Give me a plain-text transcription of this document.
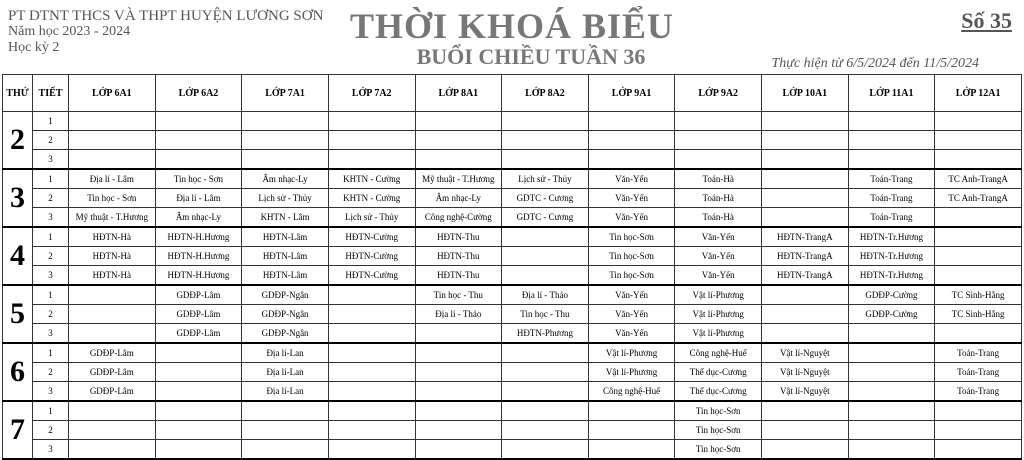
PT DTNT THCS VÀ THPT HUYỆN LƯƠNG SƠN
Năm học 2023 - 2024
Học kỳ 2
THỜI KHOÁ BIỂU
BUỔI CHIỀU TUẦN 36
Số 35
Thực hiện từ 6/5/2024 đến 11/5/2024
THỨ	TIẾT	LỚP 6A1	LỚP 6A2	LỚP 7A1	LỚP 7A2	LỚP 8A1	LỚP 8A2	LỚP 9A1	LỚP 9A2	LỚP 10A1	LỚP 11A1	LỚP 12A1
2	1											
	2											
	3											
3	1	Địa lí - Lâm	Tin học - Sơn	Âm nhạc-Ly	KHTN - Cường	Mỹ thuật - T.Hương	Lịch sử - Thủy	Văn-Yến	Toán-Hà		Toán-Trang	TC Anh-TrangA
	2	Tin học - Sơn	Địa lí - Lâm	Lịch sử - Thủy	KHTN - Cường	Âm nhạc-Ly	GDTC - Cương	Văn-Yến	Toán-Hà		Toán-Trang	TC Anh-TrangA
	3	Mỹ thuật - T.Hương	Âm nhạc-Ly	KHTN - Lâm	Lịch sử - Thủy	Công nghệ-Cường	GDTC - Cương	Văn-Yến	Toán-Hà		Toán-Trang	
4	1	HĐTN-Hà	HĐTN-H.Hương	HĐTN-Lâm	HĐTN-Cường	HĐTN-Thu		Tin học-Sơn	Văn-Yến	HĐTN-TrangA	HĐTN-Tr.Hương	
	2	HĐTN-Hà	HĐTN-H.Hương	HĐTN-Lâm	HĐTN-Cường	HĐTN-Thu		Tin học-Sơn	Văn-Yến	HĐTN-TrangA	HĐTN-Tr.Hương	
	3	HĐTN-Hà	HĐTN-H.Hương	HĐTN-Lâm	HĐTN-Cường	HĐTN-Thu		Tin học-Sơn	Văn-Yến	HĐTN-TrangA	HĐTN-Tr.Hương	
5	1		GDĐP-Lâm	GDĐP-Ngân		Tin học - Thu	Địa lí - Thảo	Văn-Yến	Vật lí-Phương		GDĐP-Cường	TC Sinh-Hằng
	2		GDĐP-Lâm	GDĐP-Ngân		Địa lí - Thảo	Tin học - Thu	Văn-Yến	Vật lí-Phương		GDĐP-Cường	TC Sinh-Hằng
	3		GDĐP-Lâm	GDĐP-Ngân			HĐTN-Phương	Văn-Yến	Vật lí-Phương			
6	1	GDĐP-Lâm		Địa lí-Lan				Vật lí-Phương	Công nghệ-Huế	Vật lí-Nguyệt		Toán-Trang
	2	GDĐP-Lâm		Địa lí-Lan				Vật lí-Phương	Thể dục-Cương	Vật lí-Nguyệt		Toán-Trang
	3	GDĐP-Lâm		Địa lí-Lan				Công nghệ-Huế	Thể dục-Cương	Vật lí-Nguyệt		Toán-Trang
7	1								Tin học-Sơn			
	2								Tin học-Sơn			
	3								Tin học-Sơn			
